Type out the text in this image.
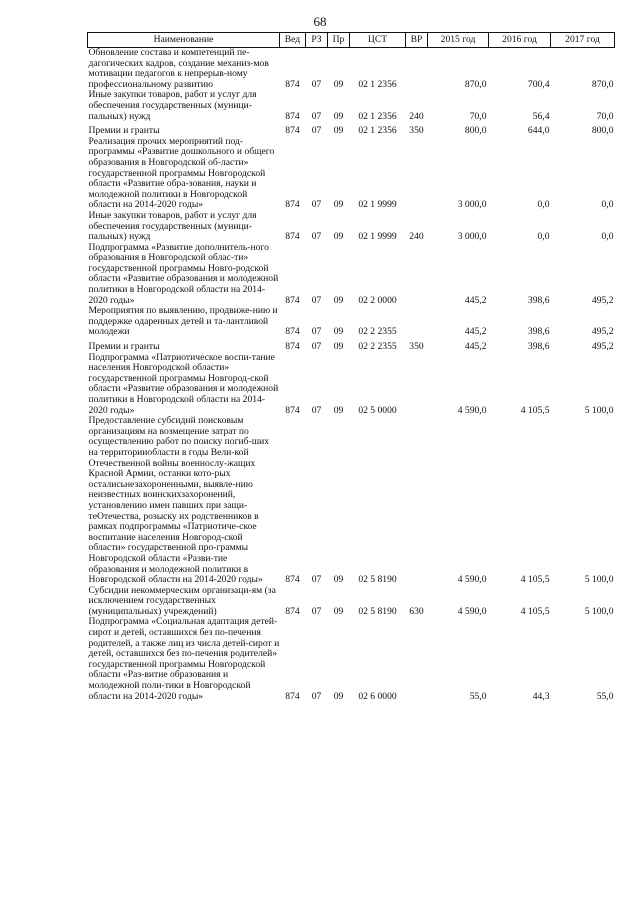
68
Наименование	Вед	РЗ	Пр	ЦСТ	ВР	2015 год	2016 год	2017 год
Обновление состава и компетенций пе-дагогических кадров, создание механиз-мов мотивации педагогов к непрерыв-ному профессиональному развитию	874	07	09	02 1 2356		870,0	700,4	870,0
Иные закупки товаров, работ и услуг для обеспечения государственных (муници-пальных) нужд	874	07	09	02 1 2356	240	70,0	56,4	70,0
Премии и гранты	874	07	09	02 1 2356	350	800,0	644,0	800,0
Реализация прочих мероприятий под-программы «Развитие дошкольного и общего образования в Новгородской об-ласти» государственной программы Новгородской области «Развитие обра-зования, науки и молодежной политики в Новгородской области на 2014-2020 годы»	874	07	09	02 1 9999		3 000,0	0,0	0,0
Иные закупки товаров, работ и услуг для обеспечения государственных (муници-пальных) нужд	874	07	09	02 1 9999	240	3 000,0	0,0	0,0
Подпрограмма «Развитие дополнитель-ного образования в Новгородской облас-ти» государственной программы Новго-родской области «Развитие образования и молодежной политики в Новгородской области на 2014-2020 годы»	874	07	09	02 2 0000		445,2	398,6	495,2
Мероприятия по выявлению, продвиже-нию и поддержке одаренных детей и та-лантливой молодежи	874	07	09	02 2 2355		445,2	398,6	495,2
Премии и гранты	874	07	09	02 2 2355	350	445,2	398,6	495,2
Подпрограмма «Патриотическое воспи-тание населения Новгородской области» государственной программы Новгород-ской области «Развитие образования и молодежной политики в Новгородской области на 2014-2020 годы»	874	07	09	02 5 0000		4 590,0	4 105,5	5 100,0
Предоставление субсидий поисковым организациям на возмещение затрат по осуществлению работ по поиску погиб-ших на территорииобласти в годы Вели-кой Отечественной войны военнослу-жащих Красной Армии, останки кото-рых осталисьнезахороненными, выявле-нию неизвестных воинскихзахоронений, установлению имен павших при защи-теОтечества, розыску их родственников в рамках подпрограммы «Патриотиче-ское воспитание населения Новгород-ской области» государственной про-граммы Новгородской области «Разви-тие образования и молодежной политики в Новгородской области на 2014-2020 годы»	874	07	09	02 5 8190		4 590,0	4 105,5	5 100,0
Субсидии некоммерческим организаци-ям (за исключением государственных (муниципальных) учреждений)	874	07	09	02 5 8190	630	4 590,0	4 105,5	5 100,0
Подпрограмма «Социальная адаптация детей-сирот и детей, оставшихся без по-печения родителей, а также лиц из числа детей-сирот и детей, оставшихся без по-печения родителей» государственной программы Новгородской области «Раз-витие образования и молодежной поли-тики в Новгородской области на 2014-2020 годы»	874	07	09	02 6 0000		55,0	44,3	55,0
